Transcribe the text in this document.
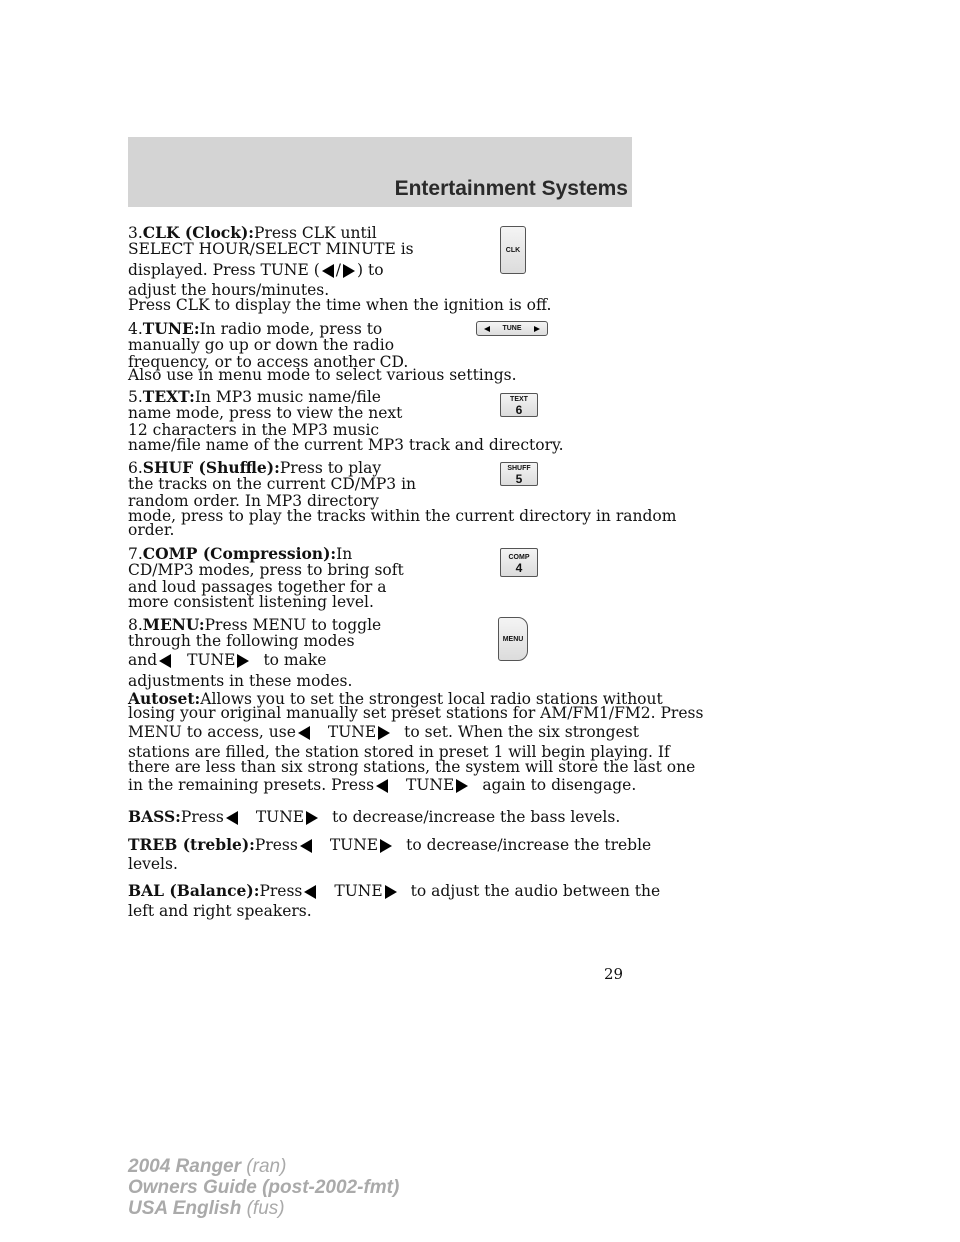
Entertainment Systems
3.CLK (Clock):Press CLK until
SELECT HOUR/SELECT MINUTE is
displayed. Press TUNE ( / ) to
adjust the hours/minutes.
Press CLK to display the time when the ignition is off.
CLK
4.TUNE:In radio mode, press to
manually go up or down the radio
frequency, or to access another CD.
Also use in menu mode to select various settings.
TUNE
5.TEXT:In MP3 music name/file
name mode, press to view the next
12 characters in the MP3 music
name/file name of the current MP3 track and directory.
TEXT
6
6.SHUF (Shuffle):Press to play
the tracks on the current CD/MP3 in
random order. In MP3 directory
mode, press to play the tracks within the current directory in random
order.
SHUFF
5
7.COMP (Compression):In
CD/MP3 modes, press to bring soft
and loud passages together for a
more consistent listening level.
COMP
4
8.MENU:Press MENU to toggle
through the following modes
and TUNE to make
adjustments in these modes.
MENU
Autoset:Allows you to set the strongest local radio stations without
losing your original manually set preset stations for AM/FM1/FM2. Press
MENU to access, use TUNE to set. When the six strongest
stations are filled, the station stored in preset 1 will begin playing. If
there are less than six strong stations, the system will store the last one
in the remaining presets. Press TUNE again to disengage.
BASS:Press TUNE to decrease/increase the bass levels.
TREB (treble):Press TUNE to decrease/increase the treble
levels.
BAL (Balance):Press TUNE to adjust the audio between the
left and right speakers.
29
2004 Ranger (ran)
Owners Guide (post-2002-fmt)
USA English (fus)
